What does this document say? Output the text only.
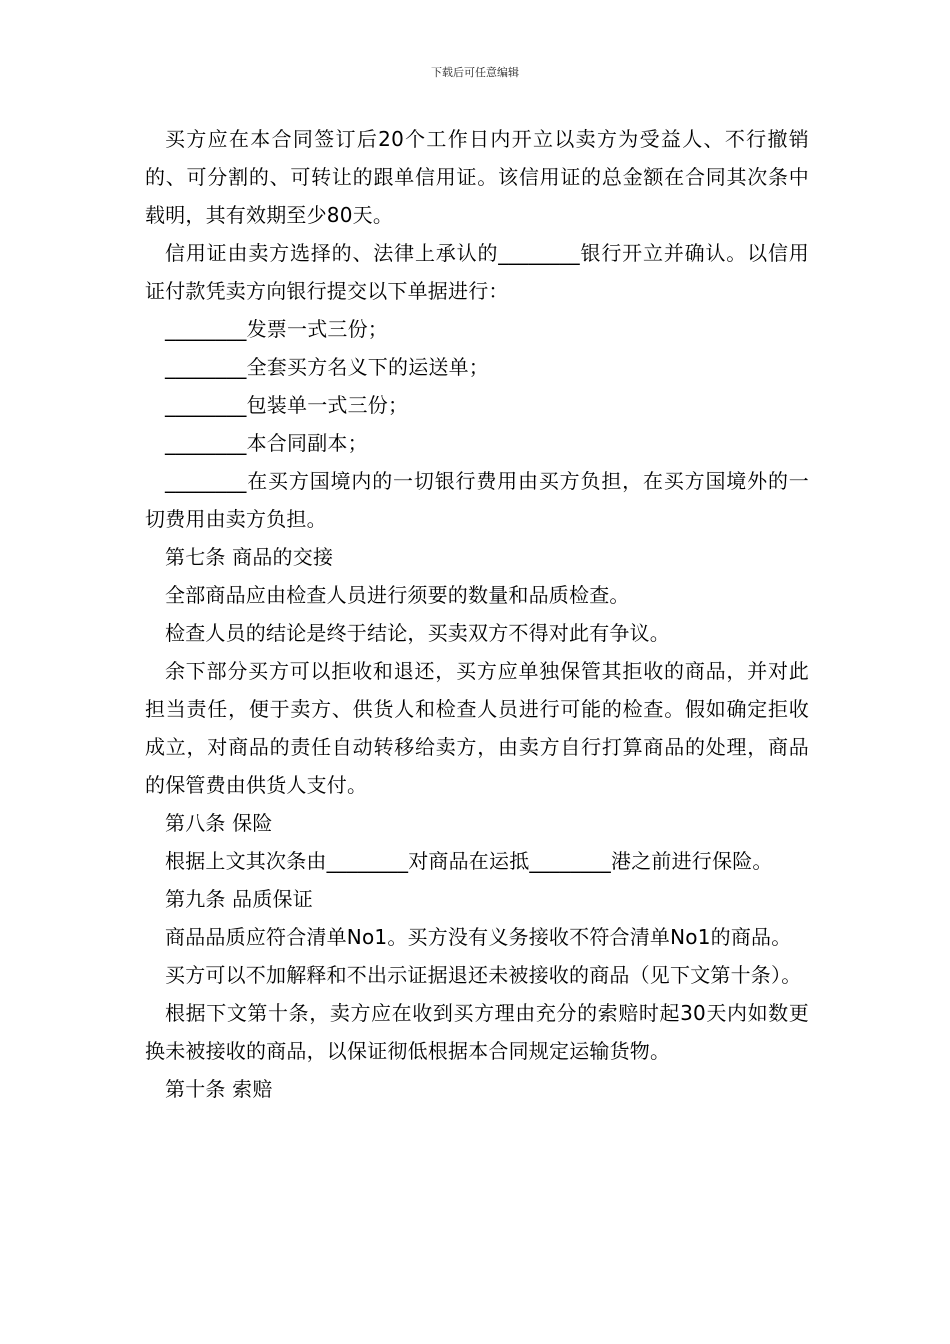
下载后可任意编辑

买方应在本合同签订后20个工作日内开立以卖方为受益人、不行撤销的、可分割的、可转让的跟单信用证。该信用证的总金额在合同其次条中载明，其有效期至少80天。

信用证由卖方选择的、法律上承认的________银行开立并确认。以信用证付款凭卖方向银行提交以下单据进行：

________发票一式三份；

________全套买方名义下的运送单；

________包装单一式三份；

________本合同副本；

________在买方国境内的一切银行费用由买方负担，在买方国境外的一切费用由卖方负担。

第七条 商品的交接

全部商品应由检查人员进行须要的数量和品质检查。

检查人员的结论是终于结论，买卖双方不得对此有争议。

余下部分买方可以拒收和退还，买方应单独保管其拒收的商品，并对此担当责任，便于卖方、供货人和检查人员进行可能的检查。假如确定拒收成立，对商品的责任自动转移给卖方，由卖方自行打算商品的处理，商品的保管费由供货人支付。

第八条 保险

根据上文其次条由________对商品在运抵________港之前进行保险。

第九条 品质保证

商品品质应符合清单No1。买方没有义务接收不符合清单No1的商品。

买方可以不加解释和不出示证据退还未被接收的商品（见下文第十条）。

根据下文第十条，卖方应在收到买方理由充分的索赔时起30天内如数更换未被接收的商品，以保证彻低根据本合同规定运输货物。

第十条 索赔
